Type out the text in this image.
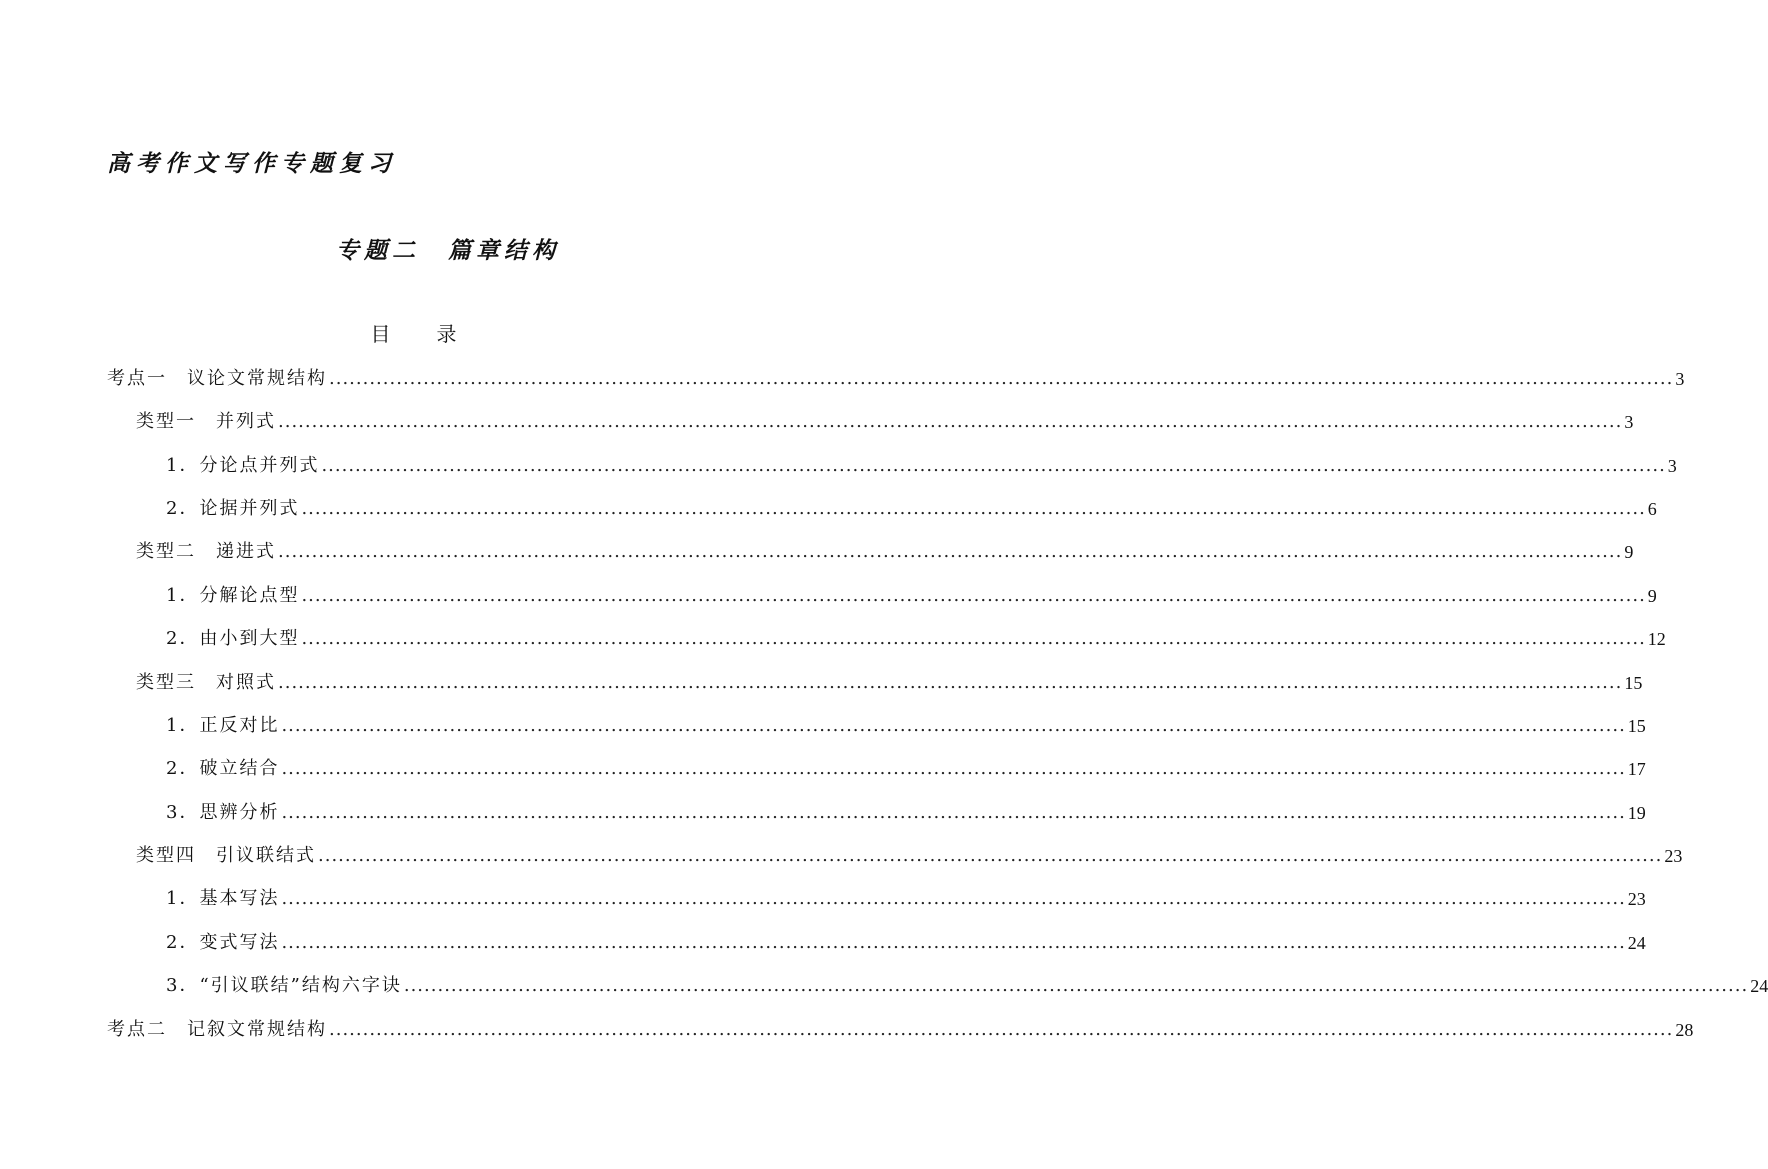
高考作文写作专题复习
专题二　篇章结构
目 录
考点一　议论文常规结构 ........................................................................................................................................................................................................ 3
类型一　并列式 ........................................................................................................................................................................................................ 3
1．分论点并列式 ........................................................................................................................................................................................................ 3
2．论据并列式 ........................................................................................................................................................................................................ 6
类型二　递进式 ........................................................................................................................................................................................................ 9
1．分解论点型 ........................................................................................................................................................................................................ 9
2．由小到大型 ........................................................................................................................................................................................................ 12
类型三　对照式 ........................................................................................................................................................................................................ 15
1．正反对比 ........................................................................................................................................................................................................ 15
2．破立结合 ........................................................................................................................................................................................................ 17
3．思辨分析 ........................................................................................................................................................................................................ 19
类型四　引议联结式 ........................................................................................................................................................................................................ 23
1．基本写法 ........................................................................................................................................................................................................ 23
2．变式写法 ........................................................................................................................................................................................................ 24
3．“引议联结”结构六字诀 ........................................................................................................................................................................................................ 24
考点二　记叙文常规结构 ........................................................................................................................................................................................................ 28
